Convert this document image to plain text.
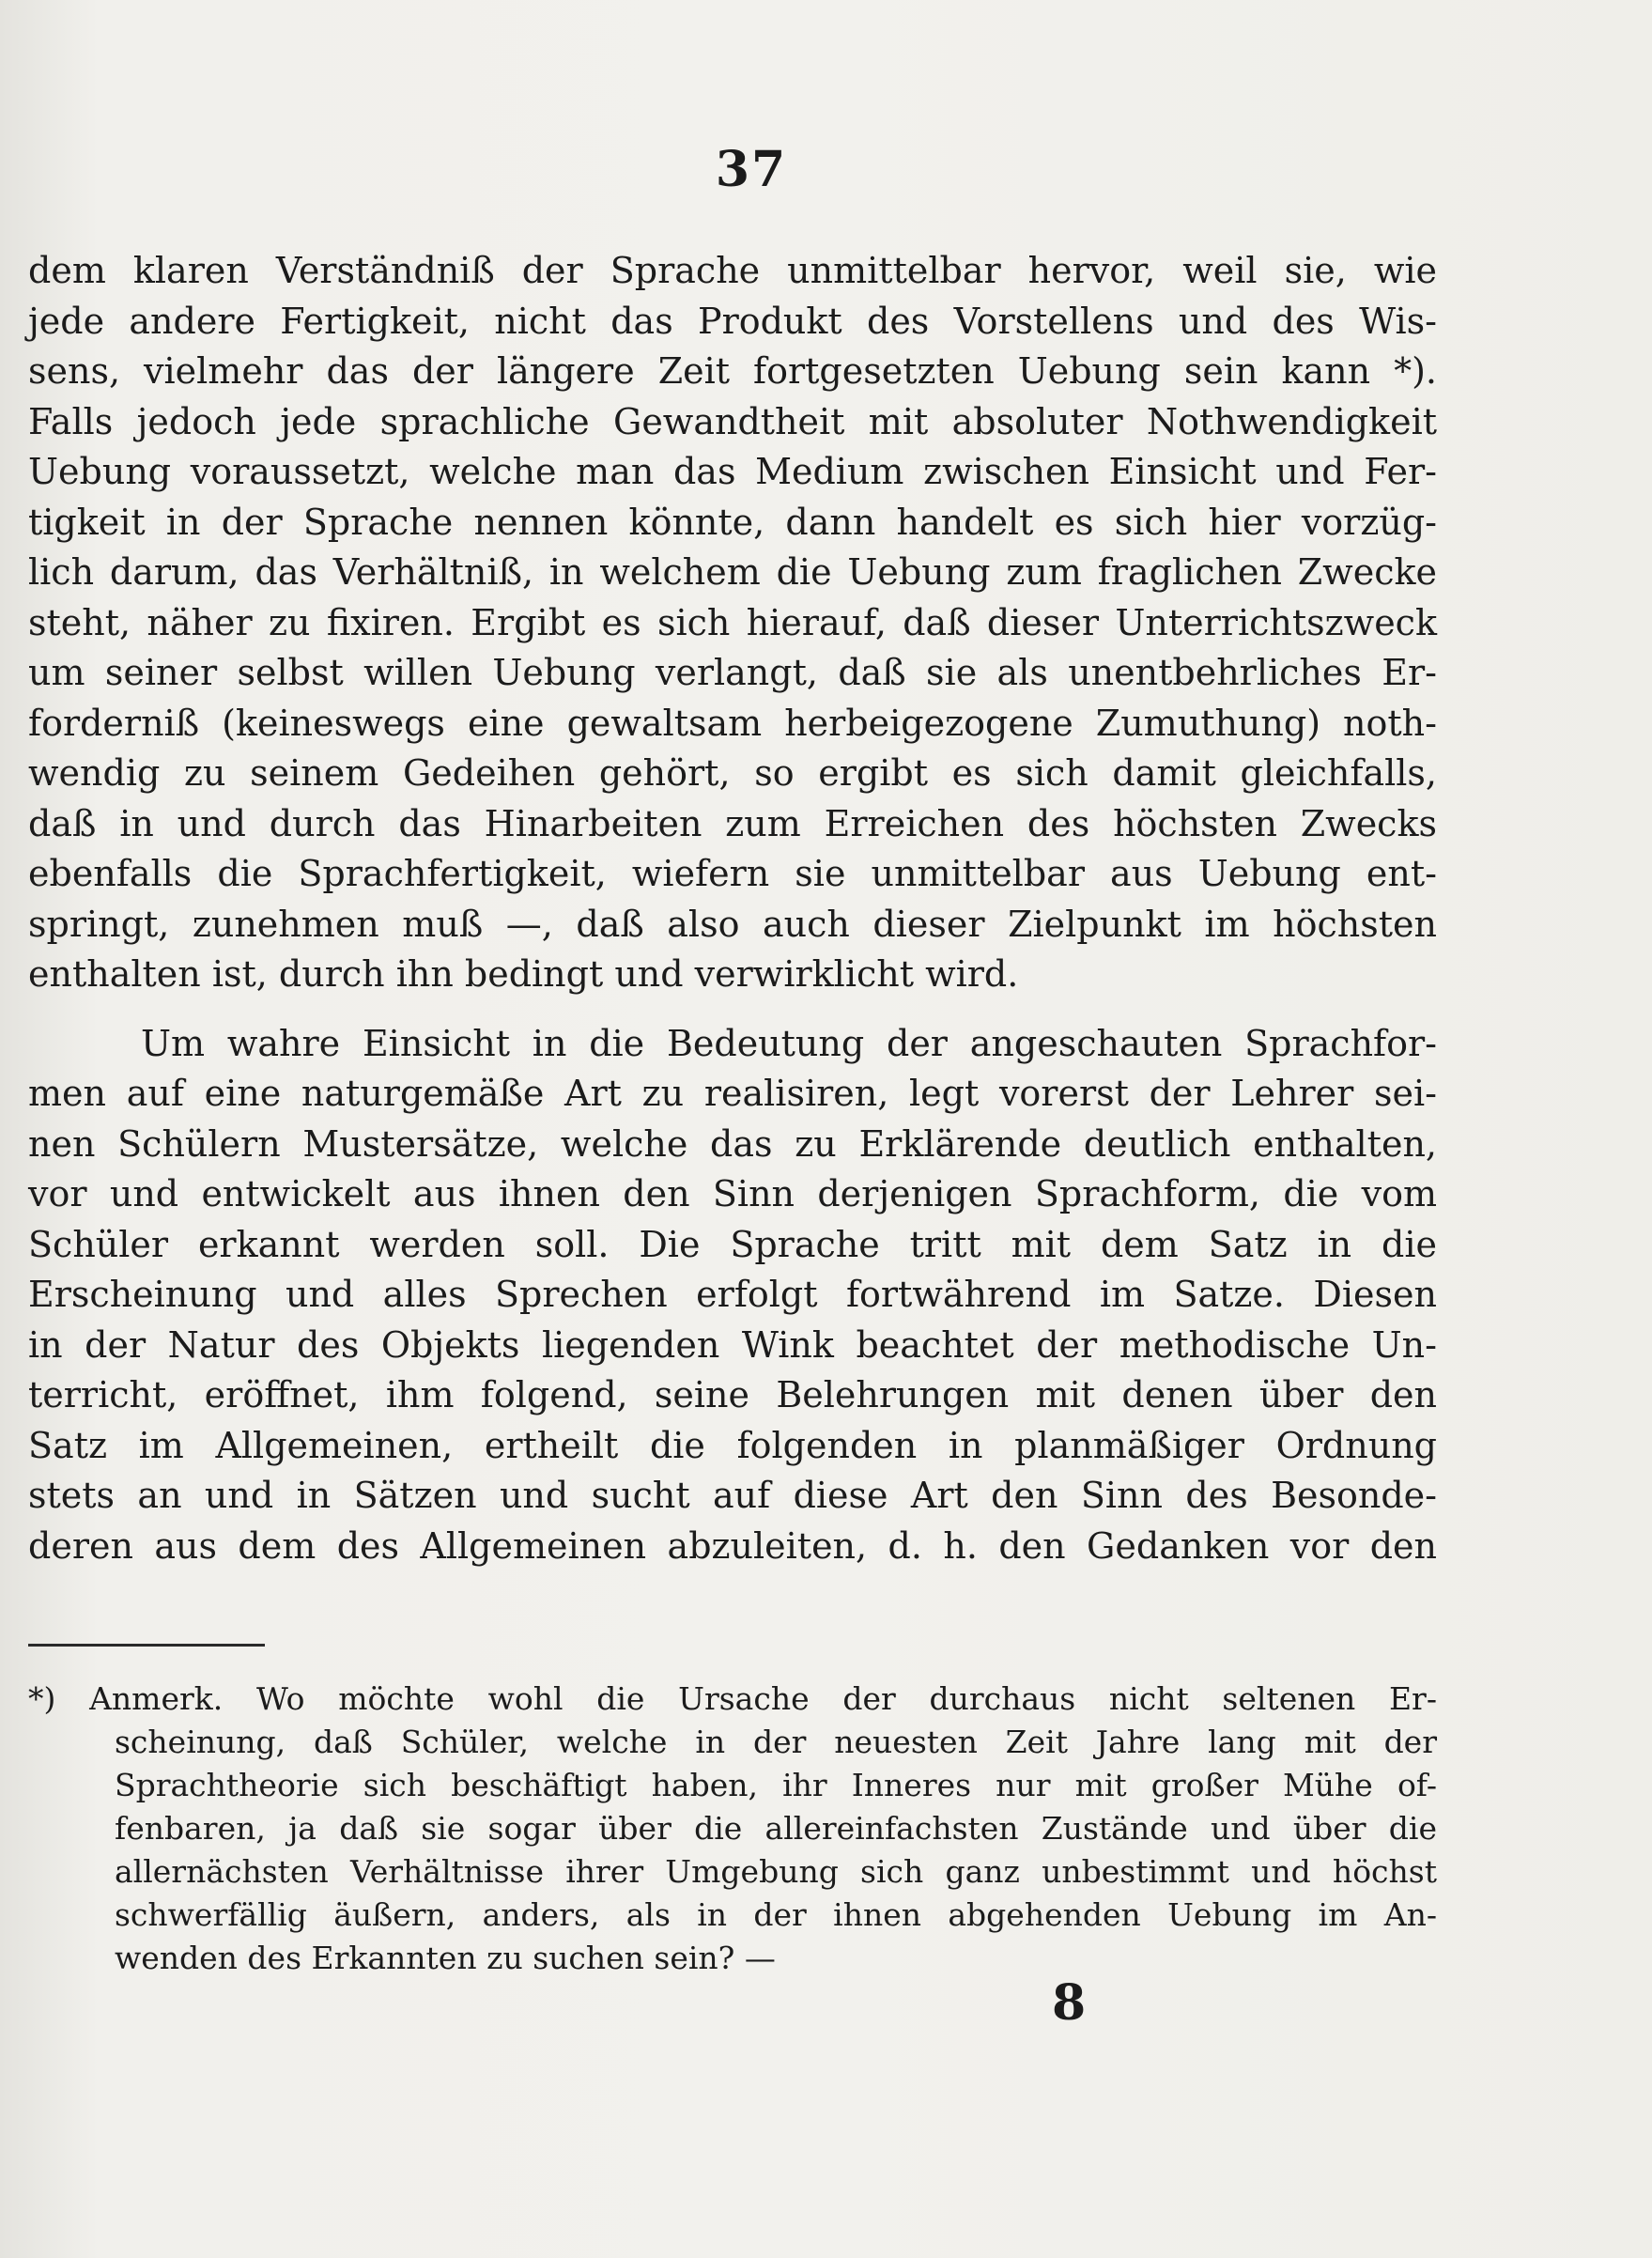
37
dem klaren Verständniß der Sprache unmittelbar hervor, weil sie, wie
jede andere Fertigkeit, nicht das Produkt des Vorstellens und des Wis-
sens, vielmehr das der längere Zeit fortgesetzten Uebung sein kann *).
Falls jedoch jede sprachliche Gewandtheit mit absoluter Nothwendigkeit
Uebung voraussetzt, welche man das Medium zwischen Einsicht und Fer-
tigkeit in der Sprache nennen könnte, dann handelt es sich hier vorzüg-
lich darum, das Verhältniß, in welchem die Uebung zum fraglichen Zwecke
steht, näher zu fixiren. Ergibt es sich hierauf, daß dieser Unterrichtszweck
um seiner selbst willen Uebung verlangt, daß sie als unentbehrliches Er-
forderniß (keineswegs eine gewaltsam herbeigezogene Zumuthung) noth-
wendig zu seinem Gedeihen gehört, so ergibt es sich damit gleichfalls,
daß in und durch das Hinarbeiten zum Erreichen des höchsten Zwecks
ebenfalls die Sprachfertigkeit, wiefern sie unmittelbar aus Uebung ent-
springt, zunehmen muß —, daß also auch dieser Zielpunkt im höchsten
enthalten ist, durch ihn bedingt und verwirklicht wird.
Um wahre Einsicht in die Bedeutung der angeschauten Sprachfor-
men auf eine naturgemäße Art zu realisiren, legt vorerst der Lehrer sei-
nen Schülern Mustersätze, welche das zu Erklärende deutlich enthalten,
vor und entwickelt aus ihnen den Sinn derjenigen Sprachform, die vom
Schüler erkannt werden soll. Die Sprache tritt mit dem Satz in die
Erscheinung und alles Sprechen erfolgt fortwährend im Satze. Diesen
in der Natur des Objekts liegenden Wink beachtet der methodische Un-
terricht, eröffnet, ihm folgend, seine Belehrungen mit denen über den
Satz im Allgemeinen, ertheilt die folgenden in planmäßiger Ordnung
stets an und in Sätzen und sucht auf diese Art den Sinn des Besonde-
deren aus dem des Allgemeinen abzuleiten, d. h. den Gedanken vor den
*) Anmerk. Wo möchte wohl die Ursache der durchaus nicht seltenen Er-
scheinung, daß Schüler, welche in der neuesten Zeit Jahre lang mit der
Sprachtheorie sich beschäftigt haben, ihr Inneres nur mit großer Mühe of-
fenbaren, ja daß sie sogar über die allereinfachsten Zustände und über die
allernächsten Verhältnisse ihrer Umgebung sich ganz unbestimmt und höchst
schwerfällig äußern, anders, als in der ihnen abgehenden Uebung im An-
wenden des Erkannten zu suchen sein? —
8
